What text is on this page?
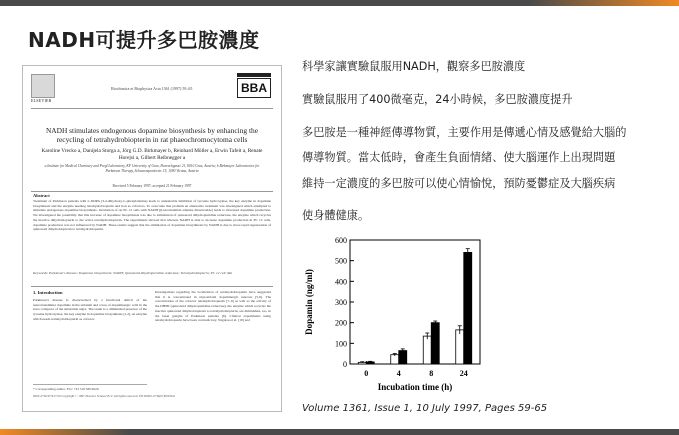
NADH可提升多巴胺濃度
ELSEVIER
Biochimica et Biophysica Acta 1361 (1997) 59–65	BBA
NADH stimulates endogenous dopamine biosynthesis by enhancing the recycling of tetrahydrobiopterin in rat phaeochromocytoma cells
Karoline Vrecko a, Danijela Storga a, Jörg G.D. Birkmayer b, Reinhard Möller a, Erwin Tafeit a, Renate Horejsi a, Gilbert Reibnegger a
a Institute for Medical Chemistry and Pregl Laboratory, KF University of Graz, Harrachgasse 21, 8010 Graz, Austria; b Birkmayer Laboratories for Parkinson Therapy, Schwarzspanierstr. 15, 1090 Vienna, Austria
Received 5 February 1997; accepted 21 February 1997
Abstract
Treatment of Parkinson patients with L-DOPA (3,4-dihydroxy-L-phenylalanine) leads to undesirable inhibition of tyrosine hydroxylase, the key enzyme in dopamine biosynthesis and the enzyme needing tetrahydrobiopterin and iron as cofactors. To overcome this problem an alternative treatment was investigated which attempted to stimulate endogenous dopamine biosynthesis. Incubation of rat PC 12 cells with NADH (β-nicotinamide adenine dinucleotide) leads to increased dopamine production. We investigated the possibility that this increase of dopamine biosynthesis was due to stimulation of quinonoid dihydropteridine reductase, the enzyme which recycles the inactive dihydrobiopterin to the active tetrahydrobiopterin. The experiments showed that whereas NADH is able to increase dopamine production in PC 12 cells, dopamine production was not influenced by NADH. These results suggest that the stimulation of dopamine biosynthesis by NADH is due to more rapid regeneration of quinonoid dihydrobiopterin to tetrahydrobiopterin.
Keywords: Parkinson's disease; Dopamine biosynthesis; NADH; Quinonoid dihydropteridine reductase; Tetrahydrobiopterin; PC 12 cell; Rat
1. Introduction
Parkinson's disease is characterized by a functional deficit of the neurotransmitter dopamine in the striatum and a loss of dopaminergic cells in the zona compacta of the substantia nigra. The result is a diminished presence of the tyrosine hydroxylase, the key enzyme in dopamine biosynthesis [1,2], an enzyme which needs tetrahydrobiopterin as cofactor.
Investigations regarding the localization of tetrahydrobiopterin have suggested that it is concentrated in nigrostriatal dopaminergic neurons [5,6]. The concentration of the cofactor tetrahydrobiopterin [7–9] as well as the activity of the DHPR (quinonoid dihydropteridine reductase), the enzyme which recycles the inactive quinonoid dihydrobiopterin to tetrahydrobiopterin, are diminished, too, in the basal ganglia of Parkinson patients [9]. Clinical experiments using tetrahydrobiopterin have been contradictory. Nagatsu et al. [10] and
* Corresponding author. Fax: +43 316 380 9620.
0005-2736/97/$17.00 Copyright © 1997 Elsevier Science B.V. All rights reserved. PII S0005-2736(97)00036-0
科學家讓實驗鼠服用NADH，觀察多巴胺濃度
實驗鼠服用了400微毫克，24小時候，多巴胺濃度提升
多巴胺是一種神經傳導物質，主要作用是傳遞心情及感覺給大腦的
傳導物質。當太低時，會產生負面情緒、使大腦運作上出現問題
維持一定濃度的多巴胺可以使心情愉悅，預防憂鬱症及大腦疾病
使身體健康。
0
100
200
300
400
500
600
0	4	8	24
Incubation time (h)
Dopamin (ng/ml)
Volume 1361, Issue 1, 10 July 1997, Pages 59-65
